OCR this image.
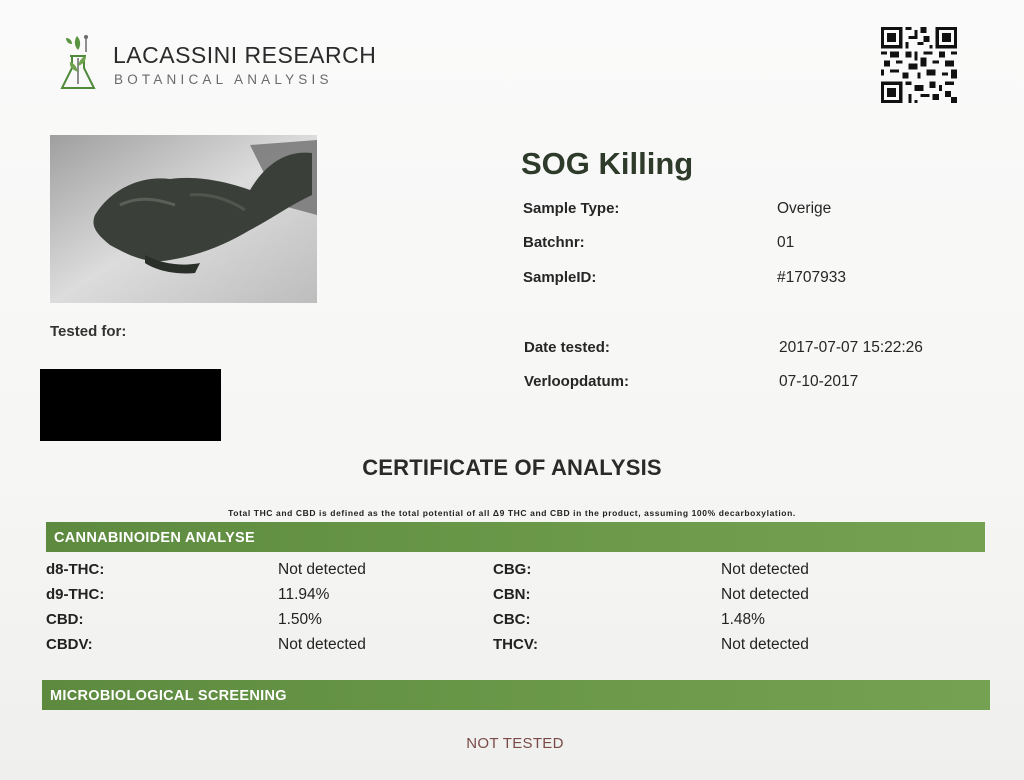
LACASSINI RESEARCH
BOTANICAL ANALYSIS
SOG Killing
Sample Type:	Overige
Batchnr:	01
SampleID:	#1707933
Date tested:	2017-07-07 15:22:26
Verloopdatum:	07-10-2017
Tested for:
CERTIFICATE OF ANALYSIS
Total THC and CBD is defined as the total potential of all Δ9 THC and CBD in the product, assuming 100% decarboxylation.
CANNABINOIDEN ANALYSE
d8-THC:	Not detected	CBG:	Not detected
d9-THC:	11.94%	CBN:	Not detected
CBD:	1.50%	CBC:	1.48%
CBDV:	Not detected	THCV:	Not detected
MICROBIOLOGICAL SCREENING
NOT TESTED
